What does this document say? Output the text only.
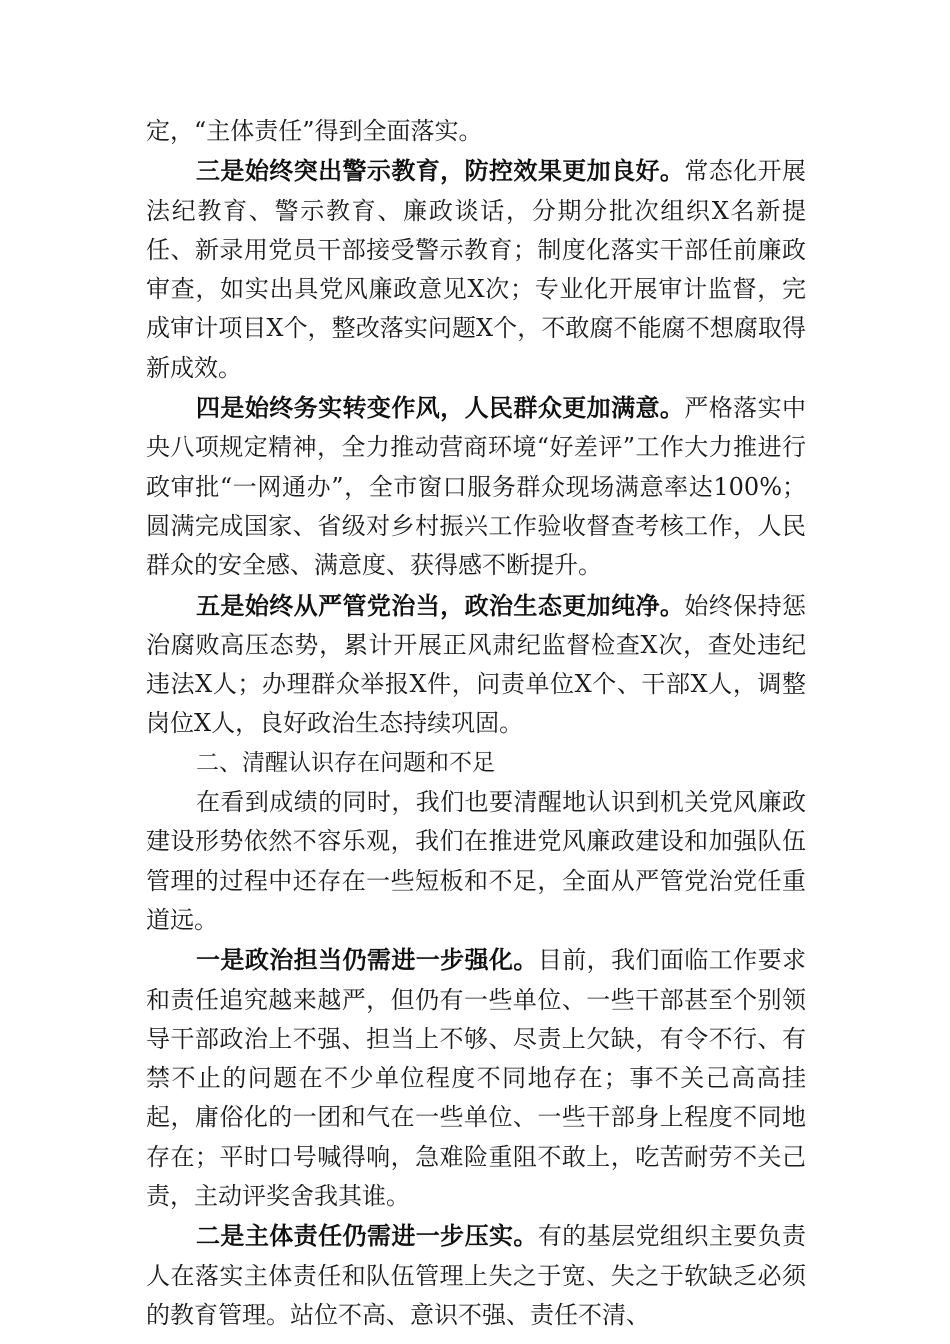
定，“主体责任”得到全面落实。

三是始终突出警示教育，防控效果更加良好。常态化开展法纪教育、警示教育、廉政谈话，分期分批次组织X名新提任、新录用党员干部接受警示教育；制度化落实干部任前廉政审查，如实出具党风廉政意见X次；专业化开展审计监督，完成审计项目X个，整改落实问题X个，不敢腐不能腐不想腐取得新成效。

四是始终务实转变作风，人民群众更加满意。严格落实中央八项规定精神，全力推动营商环境“好差评”工作大力推进行政审批“一网通办”，全市窗口服务群众现场满意率达100%；圆满完成国家、省级对乡村振兴工作验收督查考核工作，人民群众的安全感、满意度、获得感不断提升。

五是始终从严管党治当，政治生态更加纯净。始终保持惩治腐败高压态势，累计开展正风肃纪监督检查X次，查处违纪违法X人；办理群众举报X件，问责单位X个、干部X人，调整岗位X人，良好政治生态持续巩固。

二、清醒认识存在问题和不足

在看到成绩的同时，我们也要清醒地认识到机关党风廉政建设形势依然不容乐观，我们在推进党风廉政建设和加强队伍管理的过程中还存在一些短板和不足，全面从严管党治党任重道远。

一是政治担当仍需进一步强化。目前，我们面临工作要求和责任追究越来越严，但仍有一些单位、一些干部甚至个别领导干部政治上不强、担当上不够、尽责上欠缺，有令不行、有禁不止的问题在不少单位程度不同地存在；事不关己高高挂起，庸俗化的一团和气在一些单位、一些干部身上程度不同地存在；平时口号喊得响，急难险重阻不敢上，吃苦耐劳不关己责，主动评奖舍我其谁。

二是主体责任仍需进一步压实。有的基层党组织主要负责人在落实主体责任和队伍管理上失之于宽、失之于软缺乏必须的教育管理。站位不高、意识不强、责任不清、
